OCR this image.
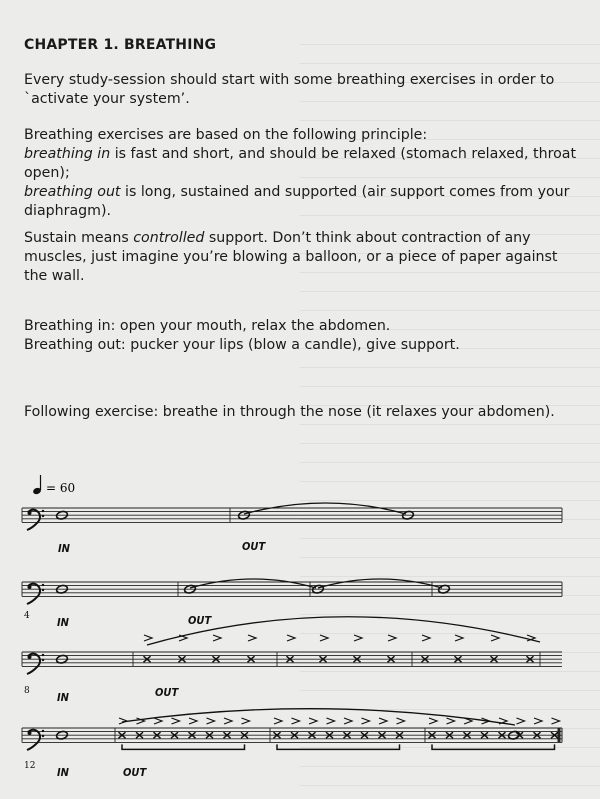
CHAPTER 1. BREATHING

Every study-session should start with some breathing exercises in order to `activate your system’.

Breathing exercises are based on the following principle:

breathing in is fast and short, and should be relaxed (stomach relaxed, throat open);

breathing out is long, sustained and supported (air support comes from your diaphragm).

Sustain means controlled support. Don’t think about contraction of any muscles, just imagine you’re blowing a balloon, or a piece of paper against the wall.

Breathing in: open your mouth, relax the abdomen.

Breathing out: pucker your lips (blow a candle), give support.

Following exercise: breathe in through the nose (it relaxes your abdomen).

= 60
IN	OUT
IN	OUT
IN	OUT
IN	OUT
4
8
12
